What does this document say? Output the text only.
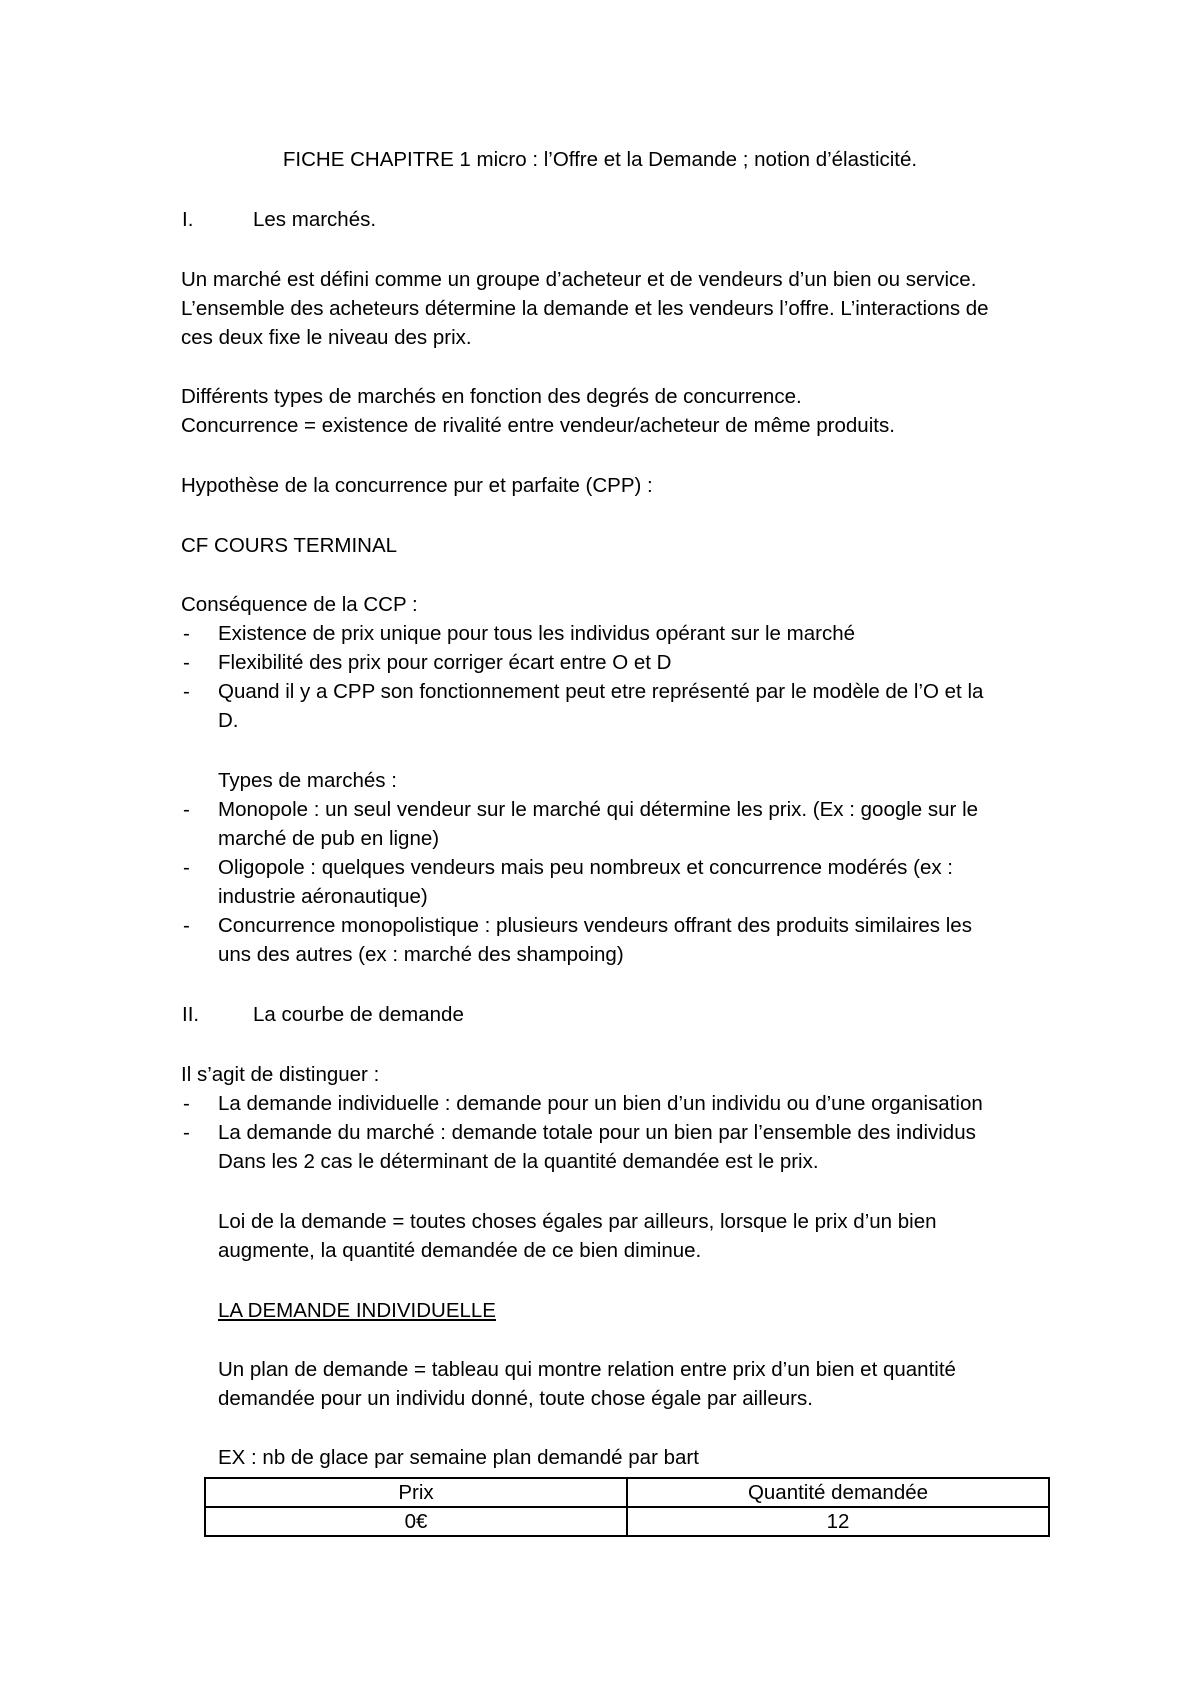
FICHE CHAPITRE 1 micro : l’Offre et la Demande ; notion d’élasticité.
I.	Les marchés.
Un marché est défini comme un groupe d’acheteur et de vendeurs d’un bien ou service.
L’ensemble des acheteurs détermine la demande et les vendeurs l’offre. L’interactions de
ces deux fixe le niveau des prix.
Différents types de marchés en fonction des degrés de concurrence.
Concurrence = existence de rivalité entre vendeur/acheteur de même produits.
Hypothèse de la concurrence pur et parfaite (CPP) :
CF COURS TERMINAL
Conséquence de la CCP :
- Existence de prix unique pour tous les individus opérant sur le marché
- Flexibilité des prix pour corriger écart entre O et D
- Quand il y a CPP son fonctionnement peut etre représenté par le modèle de l’O et la
D.
Types de marchés :
- Monopole : un seul vendeur sur le marché qui détermine les prix. (Ex : google sur le
marché de pub en ligne)
- Oligopole : quelques vendeurs mais peu nombreux et concurrence modérés (ex :
industrie aéronautique)
- Concurrence monopolistique : plusieurs vendeurs offrant des produits similaires les
uns des autres (ex : marché des shampoing)
II.	La courbe de demande
Il s’agit de distinguer :
- La demande individuelle : demande pour un bien d’un individu ou d’une organisation
- La demande du marché : demande totale pour un bien par l’ensemble des individus
Dans les 2 cas le déterminant de la quantité demandée est le prix.
Loi de la demande = toutes choses égales par ailleurs, lorsque le prix d’un bien
augmente, la quantité demandée de ce bien diminue.
LA DEMANDE INDIVIDUELLE
Un plan de demande = tableau qui montre relation entre prix d’un bien et quantité
demandée pour un individu donné, toute chose égale par ailleurs.
EX : nb de glace par semaine plan demandé par bart
Prix	Quantité demandée
0€	12
